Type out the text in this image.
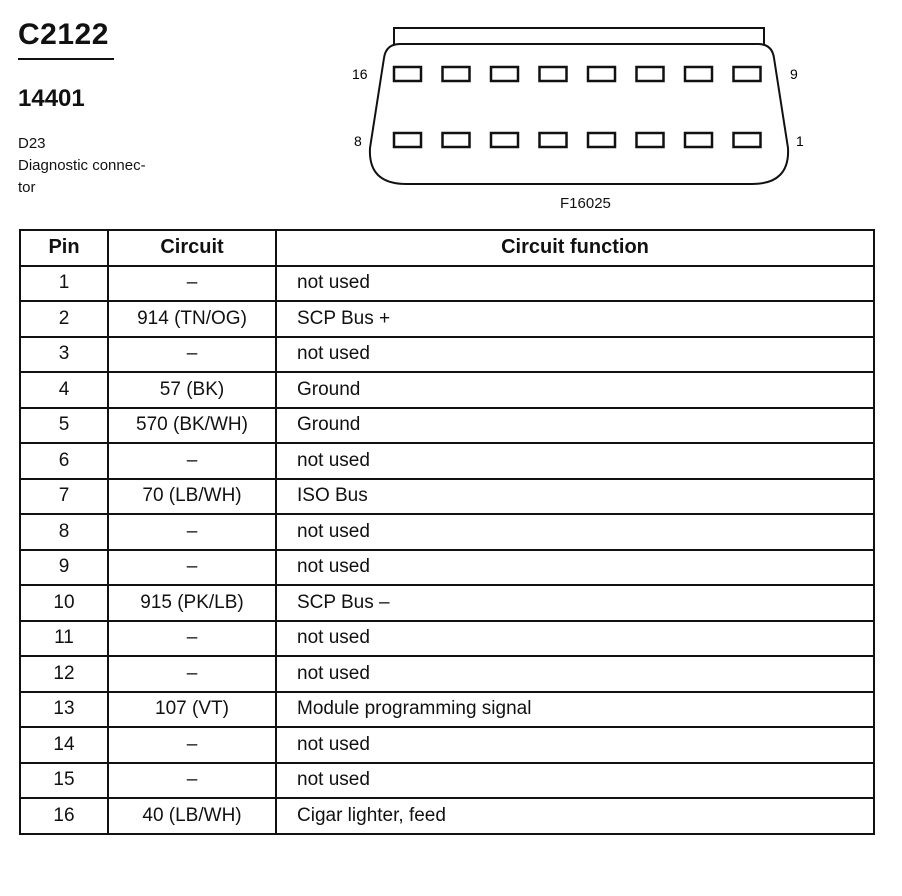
C2122
14401
D23
Diagnostic connec-
tor
16	9
8	1
F16025
Pin	Circuit	Circuit function
1	–	not used
2	914 (TN/OG)	SCP Bus +
3	–	not used
4	57 (BK)	Ground
5	570 (BK/WH)	Ground
6	–	not used
7	70 (LB/WH)	ISO Bus
8	–	not used
9	–	not used
10	915 (PK/LB)	SCP Bus –
11	–	not used
12	–	not used
13	107 (VT)	Module programming signal
14	–	not used
15	–	not used
16	40 (LB/WH)	Cigar lighter, feed
